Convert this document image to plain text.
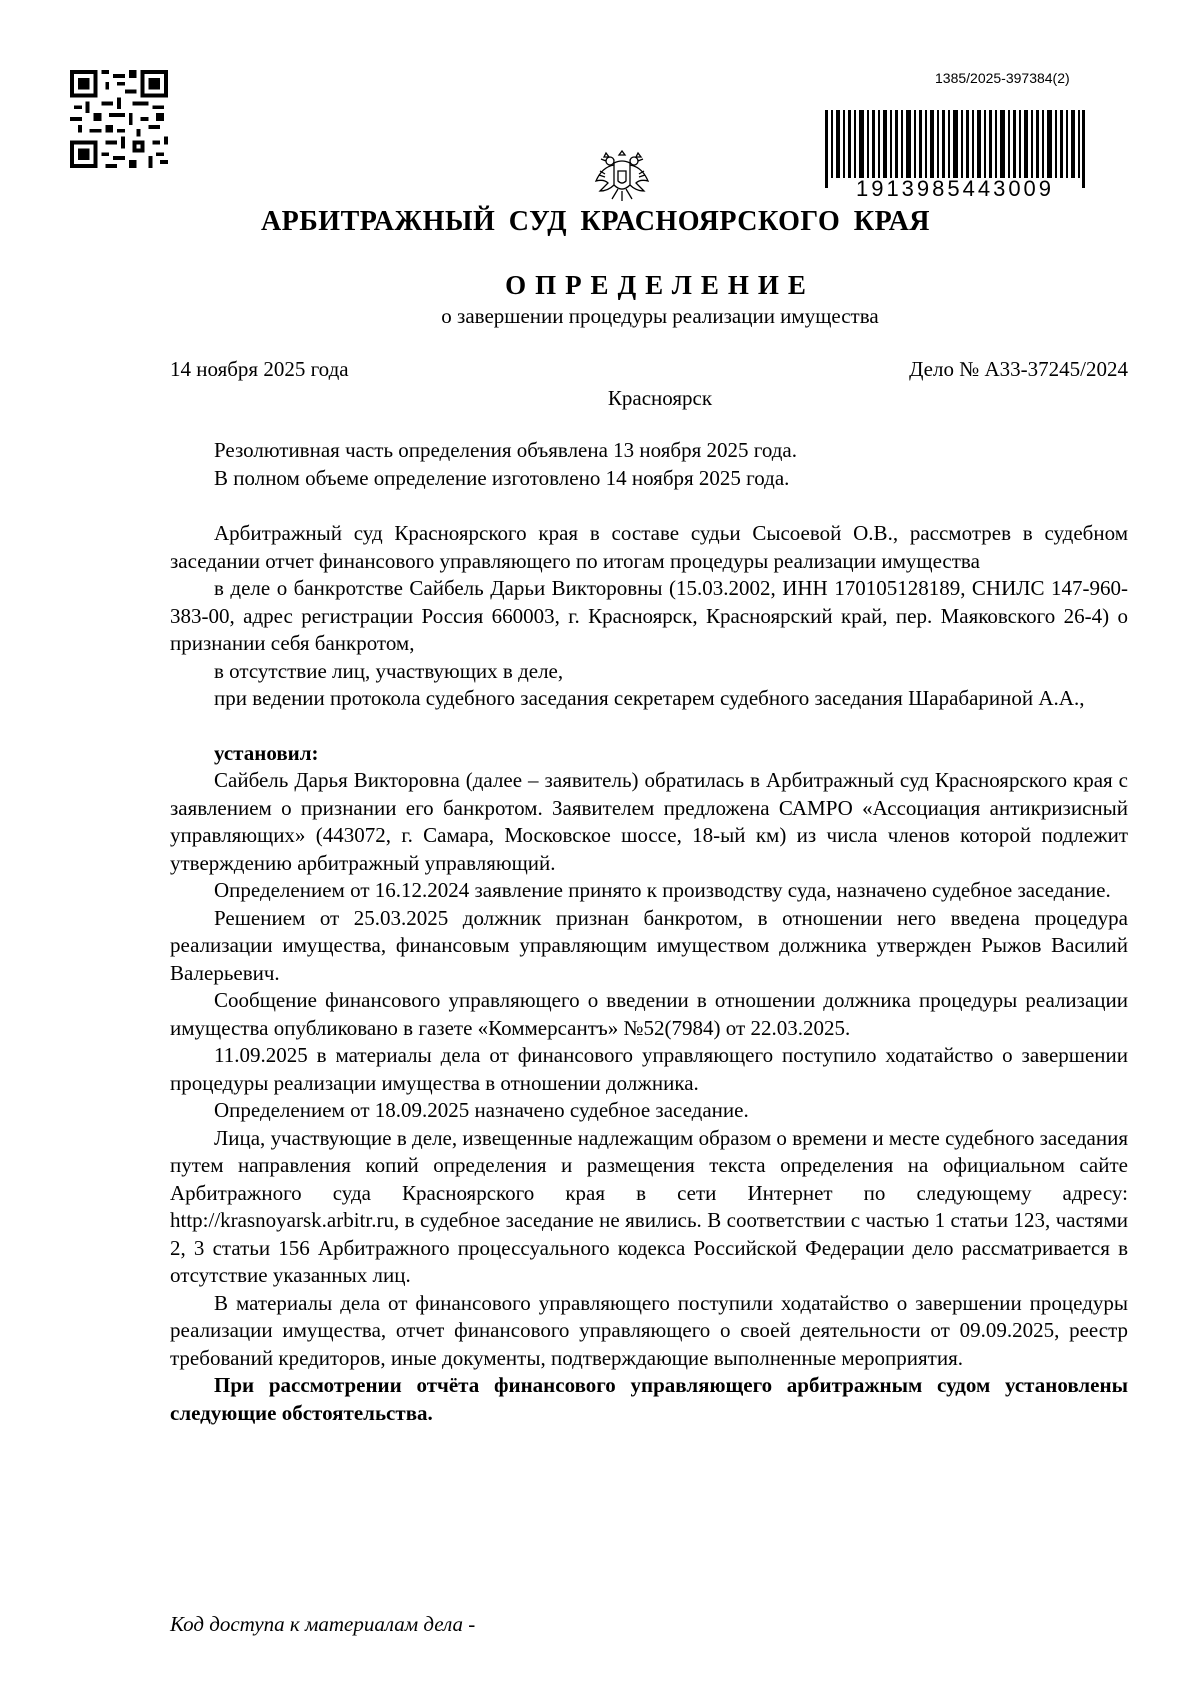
1385/2025-397384(2)
191398544300​9
АРБИТРАЖНЫЙ СУД КРАСНОЯРСКОГО КРАЯ
ОПРЕДЕЛЕНИЕ
о завершении процедуры реализации имущества
14 ноября 2025 года	Дело № А33-37245/2024
Красноярск

Резолютивная часть определения объявлена 13 ноября 2025 года.

В полном объеме определение изготовлено 14 ноября 2025 года.

Арбитражный суд Красноярского края в составе судьи Сысоевой О.В., рассмотрев в судебном заседании отчет финансового управляющего по итогам процедуры реализации имущества

в деле о банкротстве Сайбель Дарьи Викторовны (15.03.2002, ИНН 170105128189, СНИЛС 147-960-383-00, адрес регистрации Россия 660003, г. Красноярск, Красноярский край, пер. Маяковского 26-4) о признании себя банкротом,

в отсутствие лиц, участвующих в деле,

при ведении протокола судебного заседания секретарем судебного заседания Шарабариной А.А.,

установил:

Сайбель Дарья Викторовна (далее – заявитель) обратилась в Арбитражный суд Красноярского края с заявлением о признании его банкротом. Заявителем предложена САМРО «Ассоциация антикризисный управляющих» (443072, г. Самара, Московское шоссе, 18-ый км) из числа членов которой подлежит утверждению арбитражный управляющий.

Определением от 16.12.2024 заявление принято к производству суда, назначено судебное заседание.

Решением от 25.03.2025 должник признан банкротом, в отношении него введена процедура реализации имущества, финансовым управляющим имуществом должника утвержден Рыжов Василий Валерьевич.

Сообщение финансового управляющего о введении в отношении должника процедуры реализации имущества опубликовано в газете «Коммерсантъ» №52(7984) от 22.03.2025.

11.09.2025 в материалы дела от финансового управляющего поступило ходатайство о завершении процедуры реализации имущества в отношении должника.

Определением от 18.09.2025 назначено судебное заседание.

Лица, участвующие в деле, извещенные надлежащим образом о времени и месте судебного заседания путем направления копий определения и размещения текста определения на официальном сайте Арбитражного суда Красноярского края в сети Интернет по следующему адресу: http://krasnoyarsk.arbitr.ru, в судебное заседание не явились. В соответствии с частью 1 статьи 123, частями 2, 3 статьи 156 Арбитражного процессуального кодекса Российской Федерации дело рассматривается в отсутствие указанных лиц.

В материалы дела от финансового управляющего поступили ходатайство о завершении процедуры реализации имущества, отчет финансового управляющего о своей деятельности от 09.09.2025, реестр требований кредиторов, иные документы, подтверждающие выполненные мероприятия.

При рассмотрении отчёта финансового управляющего арбитражным судом установлены следующие обстоятельства.

Код доступа к материалам дела -
